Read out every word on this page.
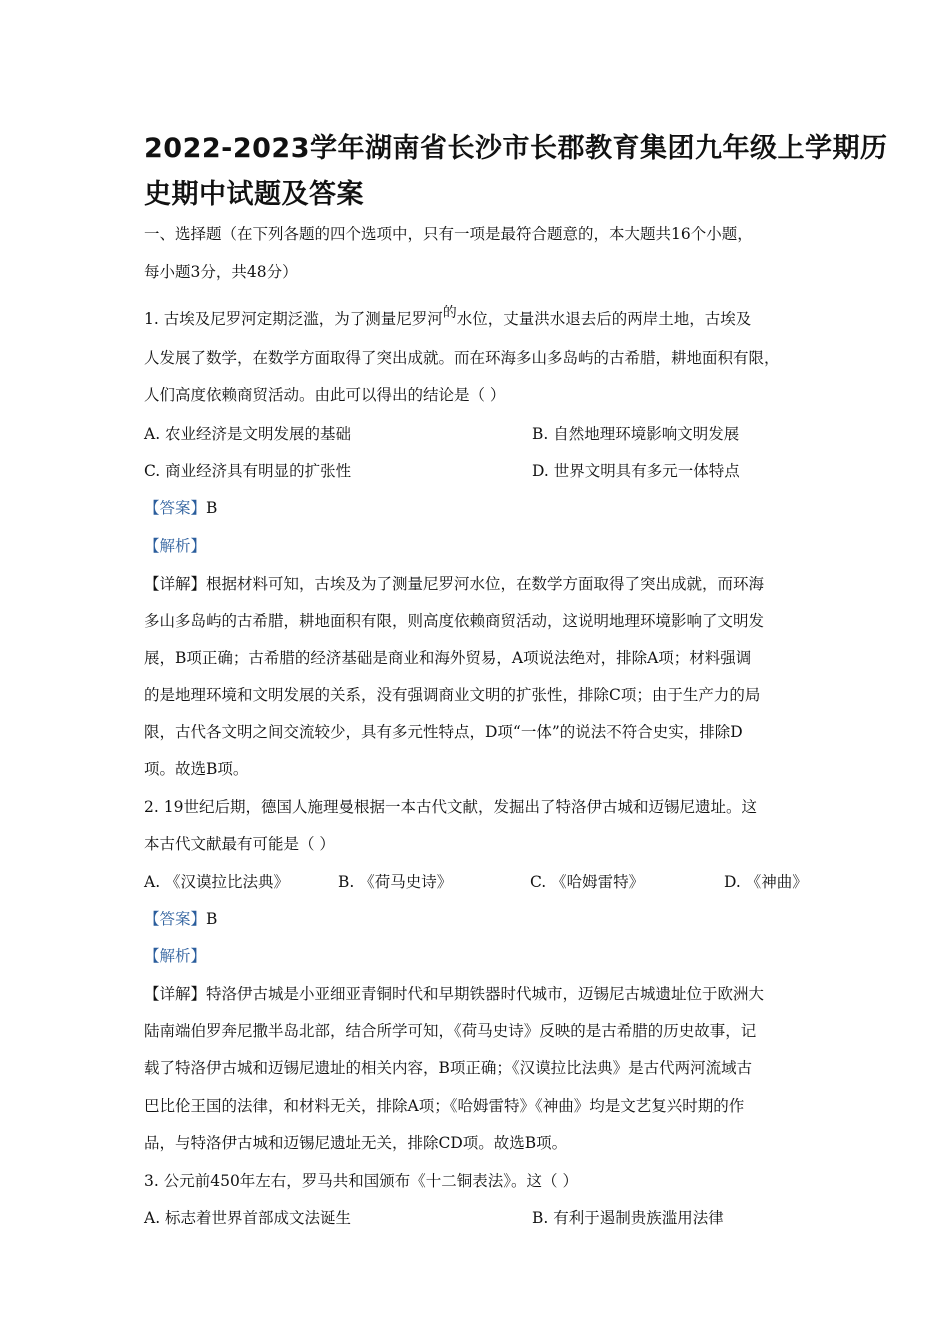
2022-2023学年湖南省长沙市长郡教育集团九年级上学期历
史期中试题及答案
一、选择题（在下列各题的四个选项中，只有一项是最符合题意的，本大题共16个小题，
每小题3分，共48分）
1. 古埃及尼罗河定期泛滥，为了测量尼罗河的水位，丈量洪水退去后的两岸土地，古埃及
人发展了数学，在数学方面取得了突出成就。而在环海多山多岛屿的古希腊，耕地面积有限，
人们高度依赖商贸活动。由此可以得出的结论是（ ）
A. 农业经济是文明发展的基础	B. 自然地理环境影响文明发展
C. 商业经济具有明显的扩张性	D. 世界文明具有多元一体特点
【答案】B
【解析】
【详解】根据材料可知，古埃及为了测量尼罗河水位，在数学方面取得了突出成就，而环海
多山多岛屿的古希腊，耕地面积有限，则高度依赖商贸活动，这说明地理环境影响了文明发
展，B项正确；古希腊的经济基础是商业和海外贸易，A项说法绝对，排除A项；材料强调
的是地理环境和文明发展的关系，没有强调商业文明的扩张性，排除C项；由于生产力的局
限，古代各文明之间交流较少，具有多元性特点，D项“一体”的说法不符合史实，排除D
项。故选B项。
2. 19世纪后期，德国人施理曼根据一本古代文献，发掘出了特洛伊古城和迈锡尼遗址。这
本古代文献最有可能是（ ）
A. 《汉谟拉比法典》	B. 《荷马史诗》	C. 《哈姆雷特》	D. 《神曲》
【答案】B
【解析】
【详解】特洛伊古城是小亚细亚青铜时代和早期铁器时代城市，迈锡尼古城遗址位于欧洲大
陆南端伯罗奔尼撒半岛北部，结合所学可知，《荷马史诗》反映的是古希腊的历史故事，记
载了特洛伊古城和迈锡尼遗址的相关内容，B项正确；《汉谟拉比法典》是古代两河流域古
巴比伦王国的法律，和材料无关，排除A项；《哈姆雷特》《神曲》均是文艺复兴时期的作
品，与特洛伊古城和迈锡尼遗址无关，排除CD项。故选B项。
3. 公元前450年左右，罗马共和国颁布《十二铜表法》。这（ ）
A. 标志着世界首部成文法诞生	B. 有利于遏制贵族滥用法律
